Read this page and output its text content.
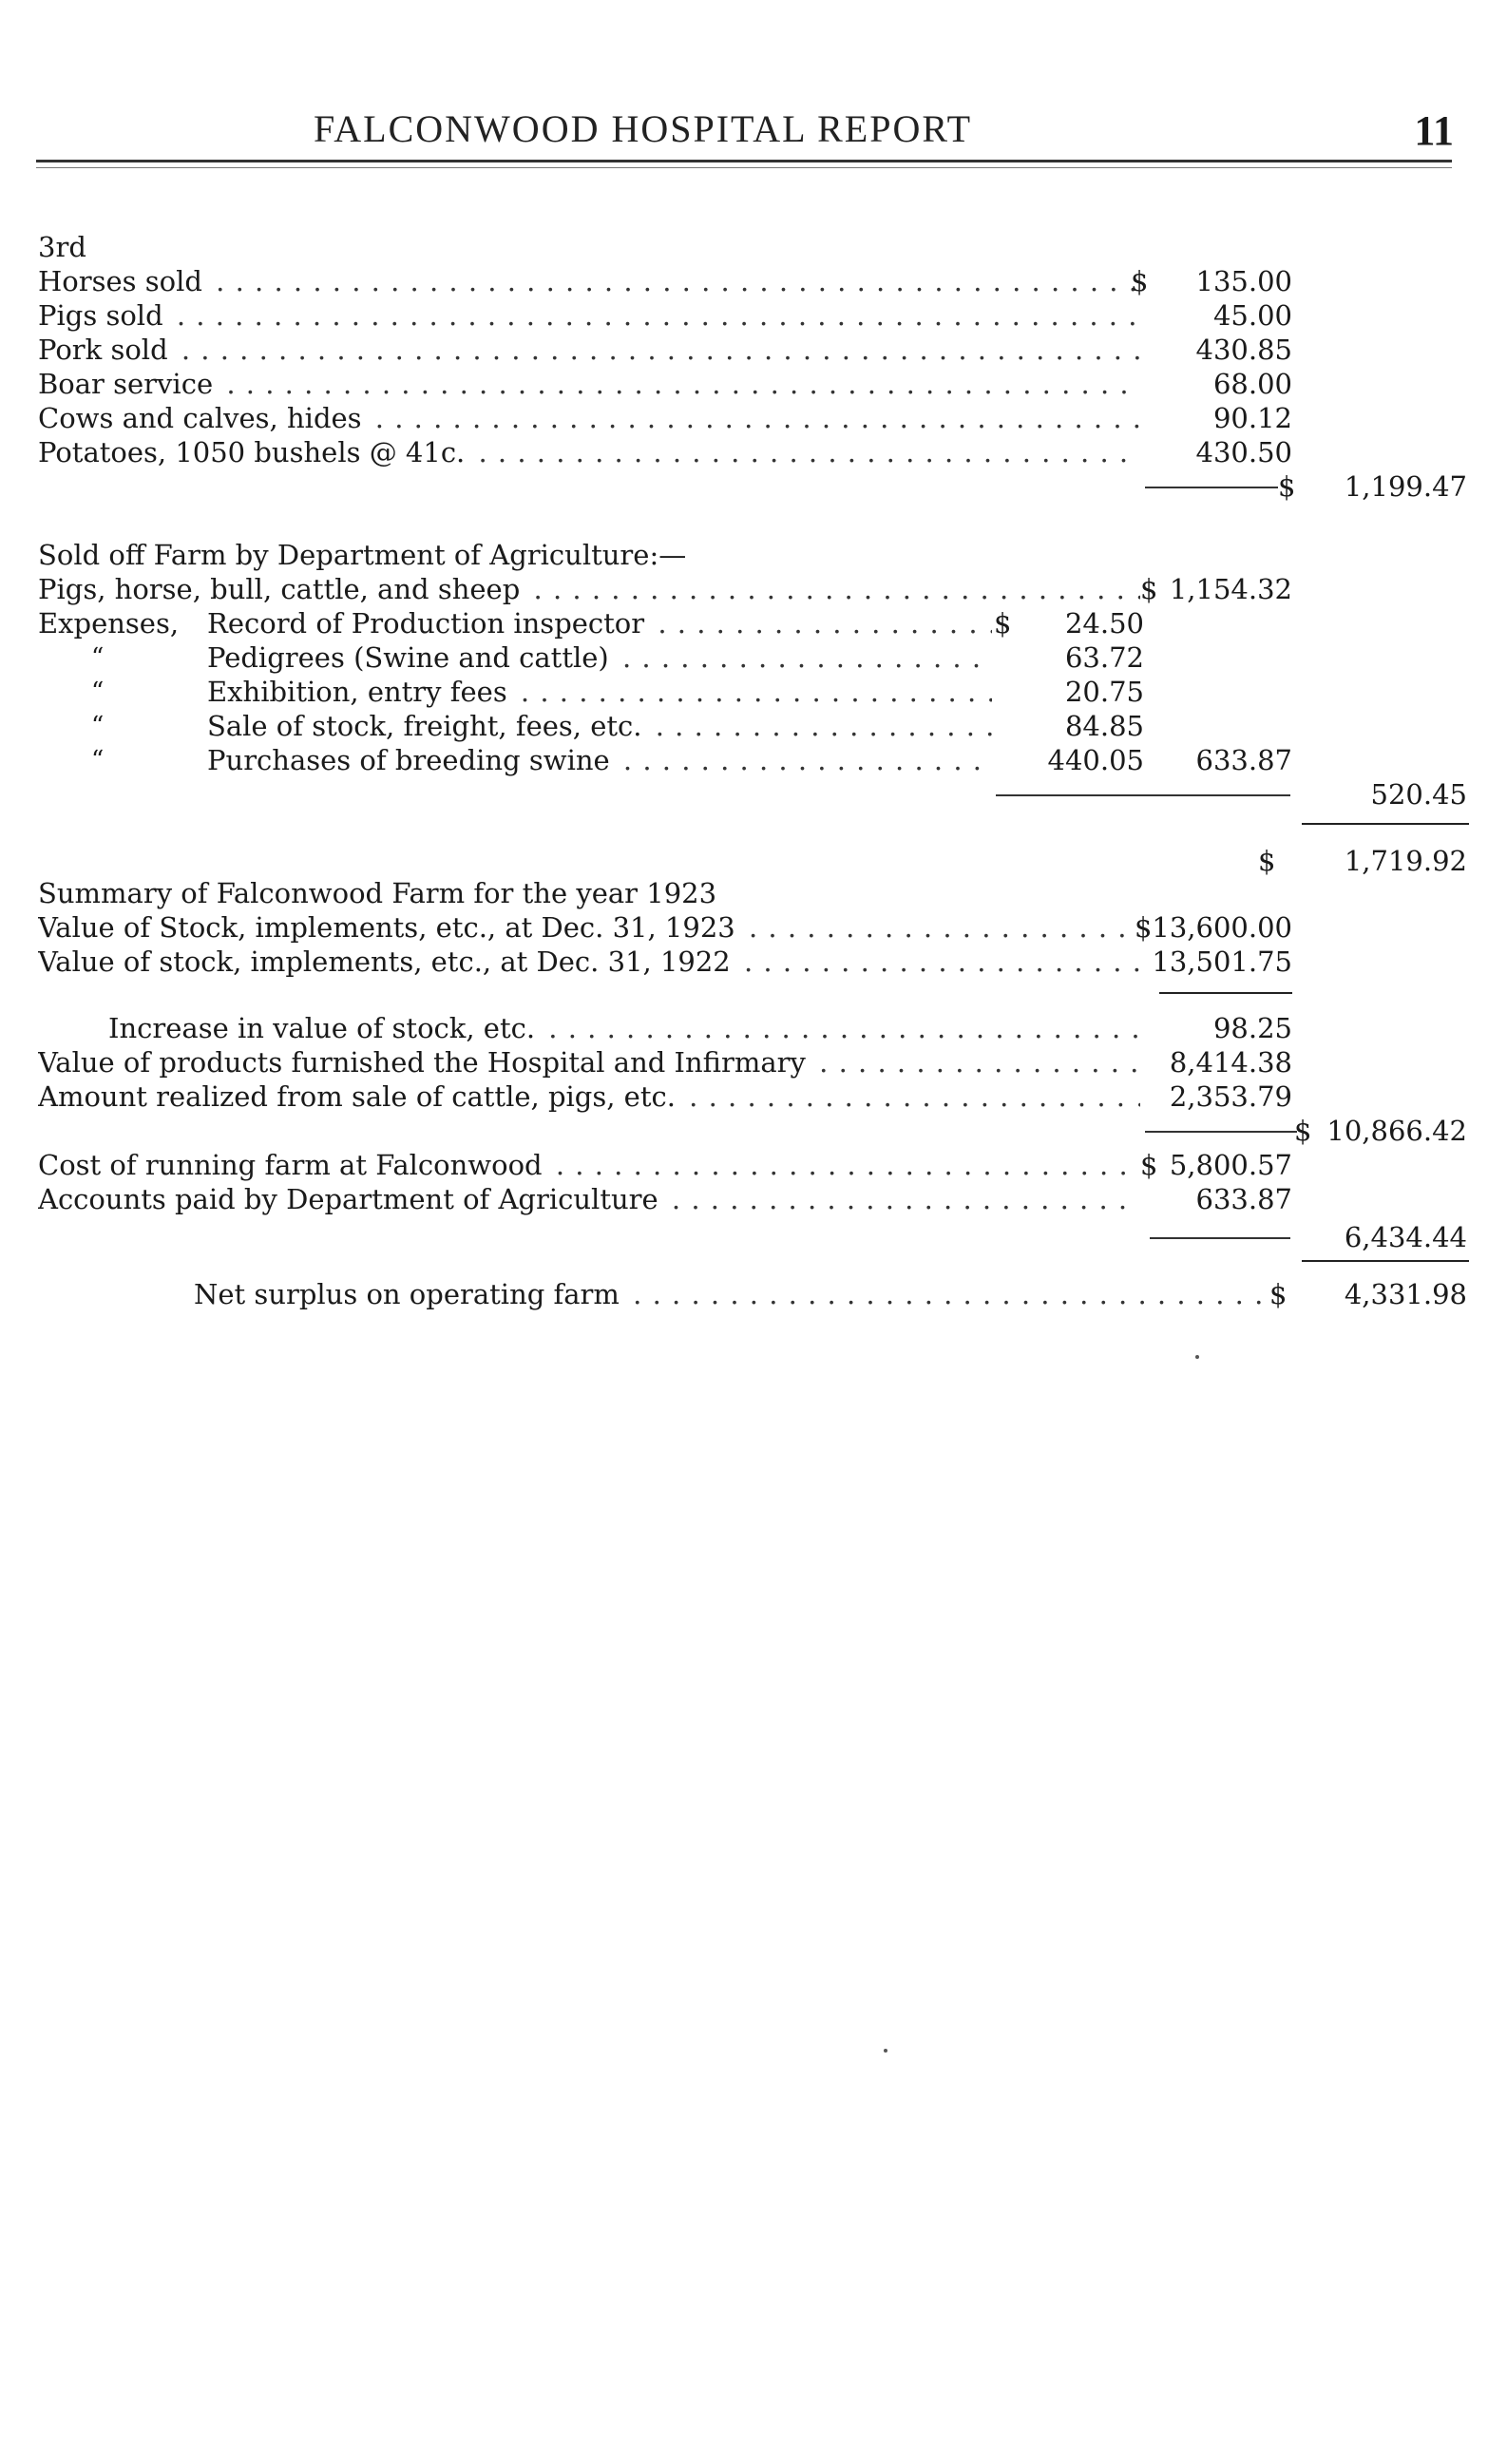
FALCONWOOD HOSPITAL REPORT	11
3rd
Horses sold . . .	$	135.00
Pigs sold . . .	45.00
Pork sold . . .	430.85
Boar service . . .	68.00
Cows and calves, hides . . .	90.12
Potatoes, 1050 bushels @ 41c. . . .	430.50
$	1,199.47
Sold off Farm by Department of Agriculture:—
Pigs, horse, bull, cattle, and sheep . . .	$ 1,154.32
Expenses, Record of Production inspector . . .	$	24.50
“	Pedigrees (Swine and cattle) . . .	63.72
“	Exhibition, entry fees . . .	20.75
“	Sale of stock, freight, fees, etc. . . .	84.85
“	Purchases of breeding swine . . .	440.05	633.87
520.45
$	1,719.92
Summary of Falconwood Farm for the year 1923
Value of Stock, implements, etc., at Dec. 31, 1923 . . .	$13,600.00
Value of stock, implements, etc., at Dec. 31, 1922 . . .	13,501.75
Increase in value of stock, etc. . . .	98.25
Value of products furnished the Hospital and Infirmary . . .	8,414.38
Amount realized from sale of cattle, pigs, etc. . . .	2,353.79
$ 10,866.42
Cost of running farm at Falconwood . . .	$ 5,800.57
Accounts paid by Department of Agriculture . . .	633.87
6,434.44
Net surplus on operating farm . . .	$	4,331.98
